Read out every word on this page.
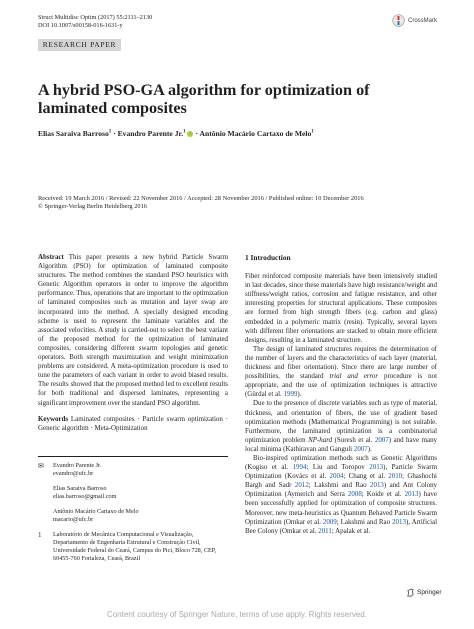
Struct Multidisc Optim (2017) 55:2111–2130
DOI 10.1007/s00158-016-1631-y
CrossMark
RESEARCH PAPER
A hybrid PSO-GA algorithm for optimization of laminated composites
Elias Saraiva Barroso$^1$ · Evandro Parente Jr.$^1$ · Antônio Macário Cartaxo de Melo$^1$
Received: 19 March 2016 / Revised: 22 November 2016 / Accepted: 28 November 2016 / Published online: 10 December 2016
© Springer-Verlag Berlin Heidelberg 2016

Abstract This paper presents a new hybrid Particle Swarm Algorithm (PSO) for optimization of laminated composite structures. The method combines the standard PSO heuristics with Genetic Algorithm operators in order to improve the algorithm performance. Thus, operations that are important to the optimization of laminated composites such as mutation and layer swap are incorporated into the method. A specially designed encoding scheme is used to represent the laminate variables and the associated velocities. A study is carried-out to select the best variant of the proposed method for the optimization of laminated composites, considering different swarm topologies and genetic operators. Both strength maximization and weight minimization problems are considered. A meta-optimization procedure is used to tune the parameters of each variant in order to avoid biased results. The results showed that the proposed method led to excellent results for both traditional and dispersed laminates, representing a significant improvement over the standard PSO algorithm.

Keywords Laminated composites · Particle swarm optimization · Generic algorithm · Meta-Optimization

✉	Evandro Parente Jr.
evandro@ufc.br
Elias Saraiva Barroso
elias.barroso@gmail.com
Antônio Macário Cartaxo de Melo
macario@ufc.br
1	Laboratório de Mecânica Computacional e Visualização, Departamento de Engenharia Estrutural e Construção Civil, Universidade Federal do Ceará, Campus do Pici, Bloco 728, CEP, 60455-760 Fortaleza, Ceará, Brazil

1 Introduction

Fiber reinforced composite materials have been intensively studied in last decades, since these materials have high resistance/weight and stiffness/weight ratios, corrosion and fatigue resistance, and other interesting properties for structural applications. These composites are formed from high strength fibers (e.g. carbon and glass) embedded in a polymeric matrix (resin). Typically, several layers with different fiber orientations are stacked to obtain more efficient designs, resulting in a laminated structure.

The design of laminated structures requires the determination of the number of layers and the characteristics of each layer (material, thickness and fiber orientation). Since there are large number of possibilities, the standard trial and error procedure is not appropriate, and the use of optimization techniques is attractive (Gürdal et al. 1999).

Due to the presence of discrete variables such as type of material, thickness, and orientation of fibers, the use of gradient based optimization methods (Mathematical Programming) is not suitable. Furthermore, the laminated optimization is a combinatorial optimization problem NP-hard (Suresh et al. 2007) and have many local minima (Kathiravan and Ganguli 2007).

Bio-inspired optimization methods such as Genetic Algorithms (Kogiso et al. 1994; Liu and Toropov 2013), Particle Swarm Optimization (Kovács et al. 2004; Chang et al. 2010; Ghashochi Bargh and Sadr 2012; Lakshmi and Rao 2013) and Ant Colony Optimization (Aymerich and Serra 2008; Koide et al. 2013) have been successfully applied for optimization of composite structures. Moreover, new meta-heuristics as Quantum Behaved Particle Swarm Optimization (Omkar et al. 2009; Lakshmi and Rao 2013), Artificial Bee Colony (Omkar et al. 2011; Apalak et al.

Springer
Content courtesy of Springer Nature, terms of use apply. Rights reserved.
